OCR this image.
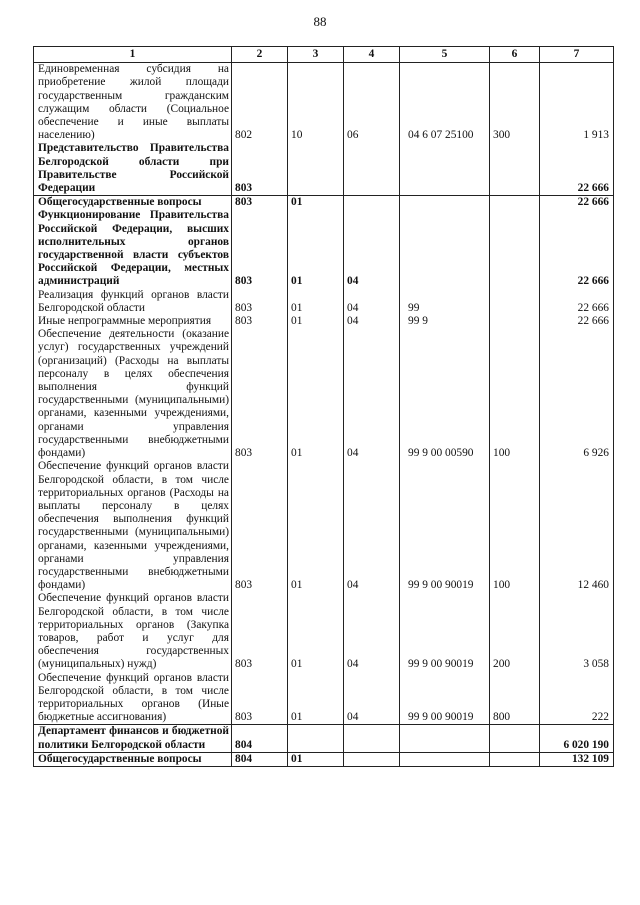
88
1	2	3	4	5	6	7
Единовременная субсидия на приобретение жилой площади государственным гражданским служащим области (Социальное обеспечение и иные выплаты населению)	802	10	06	04 6 07 25100	300	1 913
Представительство Правительства Белгородской области при Правительстве Российской Федерации	803					22 666
Общегосударственные вопросы	803	01				22 666
Функционирование Правительства Российской Федерации, высших исполнительных органов государственной власти субъектов Российской Федерации, местных администраций	803	01	04			22 666
Реализация функций органов власти Белгородской области	803	01	04	99		22 666
Иные непрограммные мероприятия	803	01	04	99 9		22 666
Обеспечение деятельности (оказание услуг) государственных учреждений (организаций) (Расходы на выплаты персоналу в целях обеспечения выполнения функций государственными (муниципальными) органами, казенными учреждениями, органами управления государственными внебюджетными фондами)	803	01	04	99 9 00 00590	100	6 926
Обеспечение функций органов власти Белгородской области, в том числе территориальных органов (Расходы на выплаты персоналу в целях обеспечения выполнения функций государственными (муниципальными) органами, казенными учреждениями, органами управления государственными внебюджетными фондами)	803	01	04	99 9 00 90019	100	12 460
Обеспечение функций органов власти Белгородской области, в том числе территориальных органов (Закупка товаров, работ и услуг для обеспечения государственных (муниципальных) нужд)	803	01	04	99 9 00 90019	200	3 058
Обеспечение функций органов власти Белгородской области, в том числе территориальных органов (Иные бюджетные ассигнования)	803	01	04	99 9 00 90019	800	222
Департамент финансов и бюджетной политики Белгородской области	804					6 020 190
Общегосударственные вопросы	804	01				132 109
